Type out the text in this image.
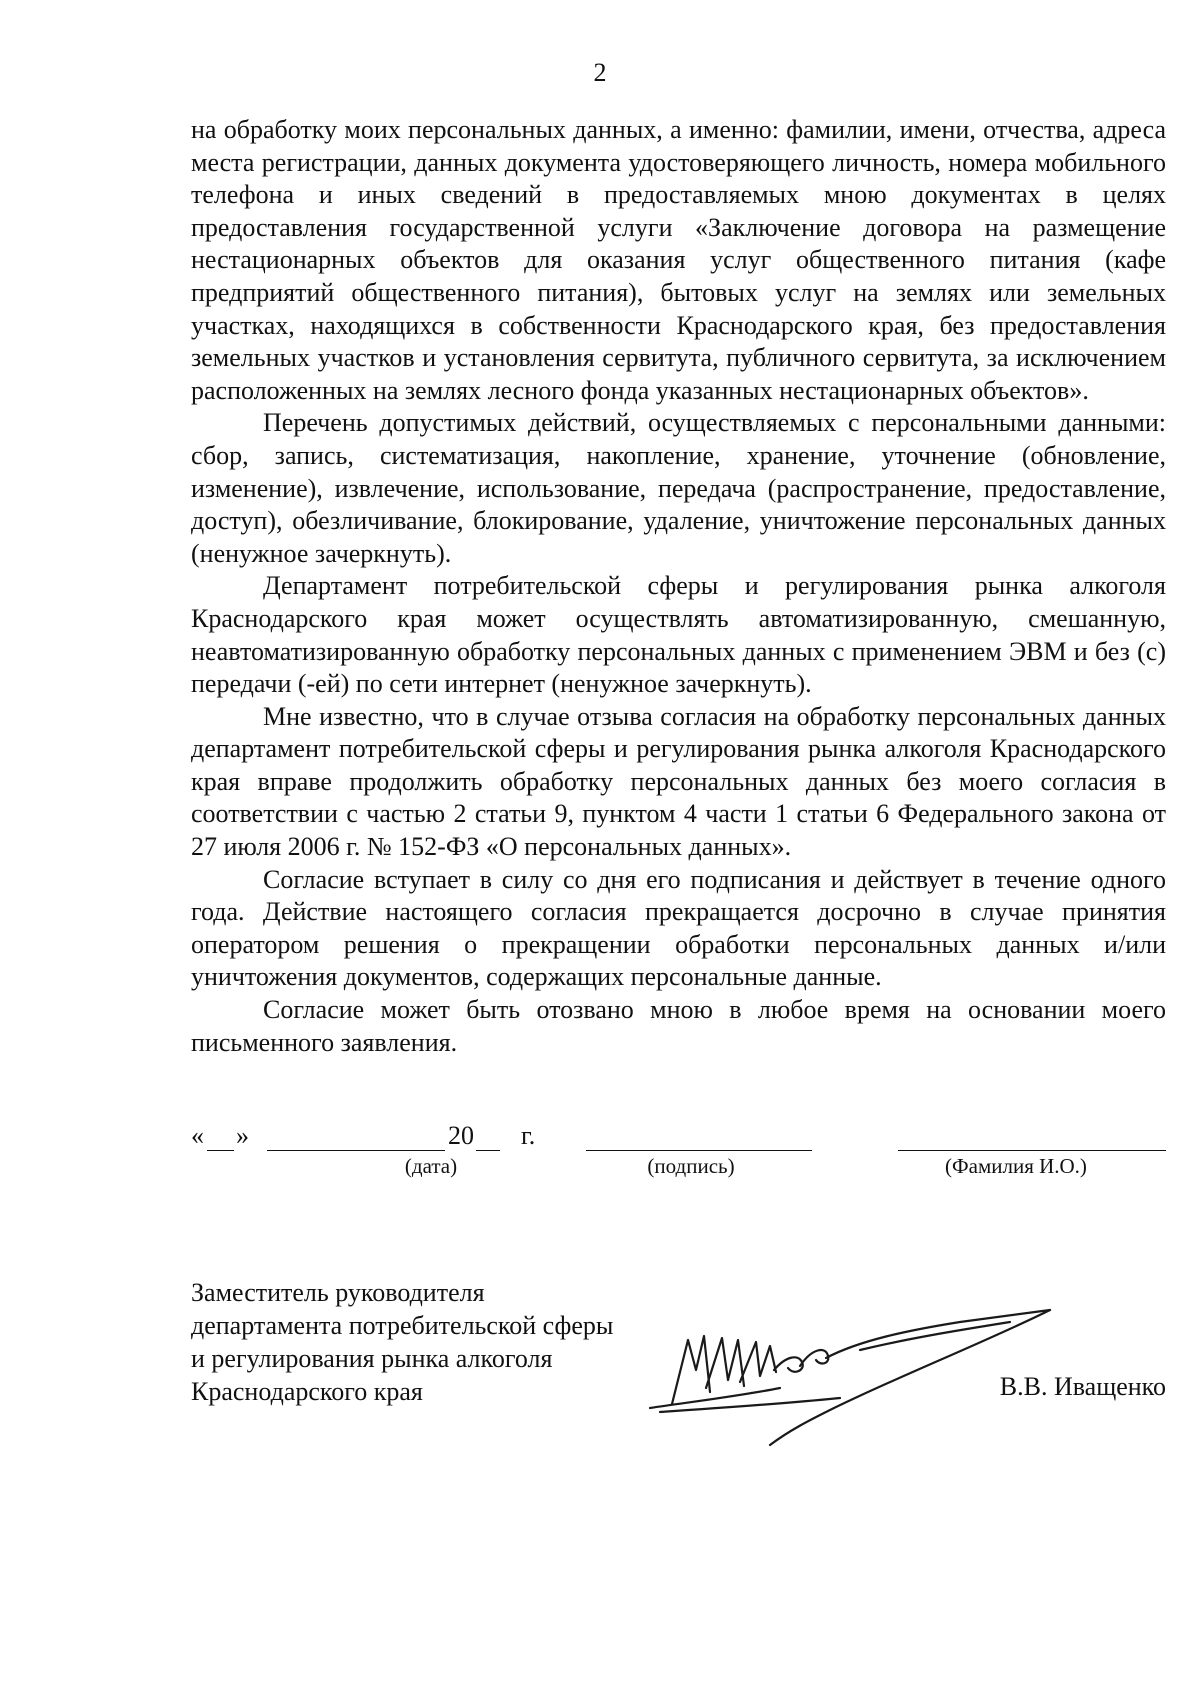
2

на обработку моих персональных данных, а именно: фамилии, имени, отчества, адреса места регистрации, данных документа удостоверяющего личность, номера мобильного телефона и иных сведений в предоставляемых мною документах в целях предоставления государственной услуги «Заключение договора на размещение нестационарных объектов для оказания услуг общественного питания (кафе предприятий общественного питания), бытовых услуг на землях или земельных участках, находящихся в собственности Краснодарского края, без предоставления земельных участков и установления сервитута, публичного сервитута, за исключением расположенных на землях лесного фонда указанных нестационарных объектов».

Перечень допустимых действий, осуществляемых с персональными данными: сбор, запись, систематизация, накопление, хранение, уточнение (обновление, изменение), извлечение, использование, передача (распространение, предоставление, доступ), обезличивание, блокирование, удаление, уничтожение персональных данных (ненужное зачеркнуть).

Департамент потребительской сферы и регулирования рынка алкоголя Краснодарского края может осуществлять автоматизированную, смешанную, неавтоматизированную обработку персональных данных с применением ЭВМ и без (с) передачи (-ей) по сети интернет (ненужное зачеркнуть).

Мне известно, что в случае отзыва согласия на обработку персональных данных департамент потребительской сферы и регулирования рынка алкоголя Краснодарского края вправе продолжить обработку персональных данных без моего согласия в соответствии с частью 2 статьи 9, пунктом 4 части 1 статьи 6 Федерального закона от 27 июля 2006 г. № 152-ФЗ «О персональных данных».

Согласие вступает в силу со дня его подписания и действует в течение одного года. Действие настоящего согласия прекращается досрочно в случае принятия оператором решения о прекращении обработки персональных данных и/или уничтожения документов, содержащих персональные данные.

Согласие может быть отозвано мною в любое время на основании моего письменного заявления.

« »	20 г.
(дата)	(подпись)	(Фамилия И.О.)
Заместитель руководителя
департамента потребительской сферы
и регулирования рынка алкоголя
Краснодарского края	В.В. Иващенко
